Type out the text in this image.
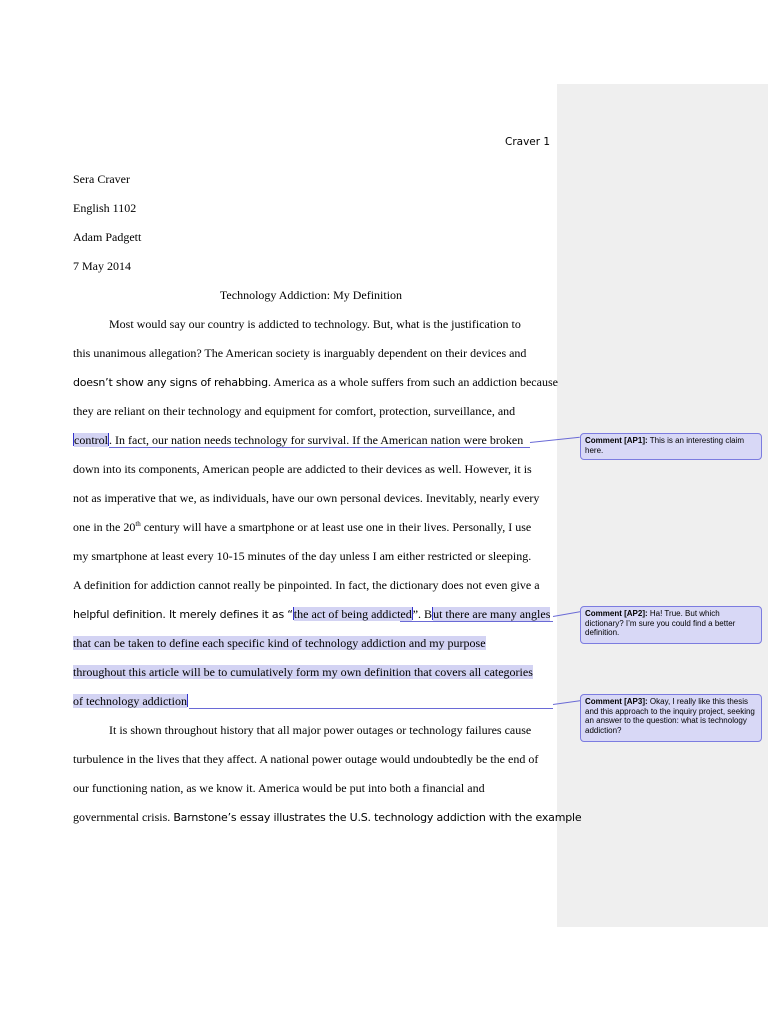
Craver 1
Sera Craver
English 1102
Adam Padgett
7 May 2014
Technology Addiction: My Definition
Most would say our country is addicted to technology. But, what is the justification to
this unanimous allegation? The American society is inarguably dependent on their devices and
doesn’t show any signs of rehabbing. America as a whole suffers from such an addiction because
they are reliant on their technology and equipment for comfort, protection, surveillance, and
control. In fact, our nation needs technology for survival. If the American nation were broken
down into its components, American people are addicted to their devices as well. However, it is
not as imperative that we, as individuals, have our own personal devices. Inevitably, nearly every
one in the 20th century will have a smartphone or at least use one in their lives. Personally, I use
my smartphone at least every 10-15 minutes of the day unless I am either restricted or sleeping.
A definition for addiction cannot really be pinpointed. In fact, the dictionary does not even give a
helpful definition. It merely defines it as “the act of being addicted”. But there are many angles
that can be taken to define each specific kind of technology addiction and my purpose
throughout this article will be to cumulatively form my own definition that covers all categories
of technology addiction
It is shown throughout history that all major power outages or technology failures cause
turbulence in the lives that they affect. A national power outage would undoubtedly be the end of
our functioning nation, as we know it. America would be put into both a financial and
governmental crisis. Barnstone’s essay illustrates the U.S. technology addiction with the example
Comment [AP1]: This is an interesting claim here.
Comment [AP2]: Ha! True. But which dictionary? I’m sure you could find a better definition.
Comment [AP3]: Okay, I really like this thesis and this approach to the inquiry project, seeking an answer to the question: what is technology addiction?
